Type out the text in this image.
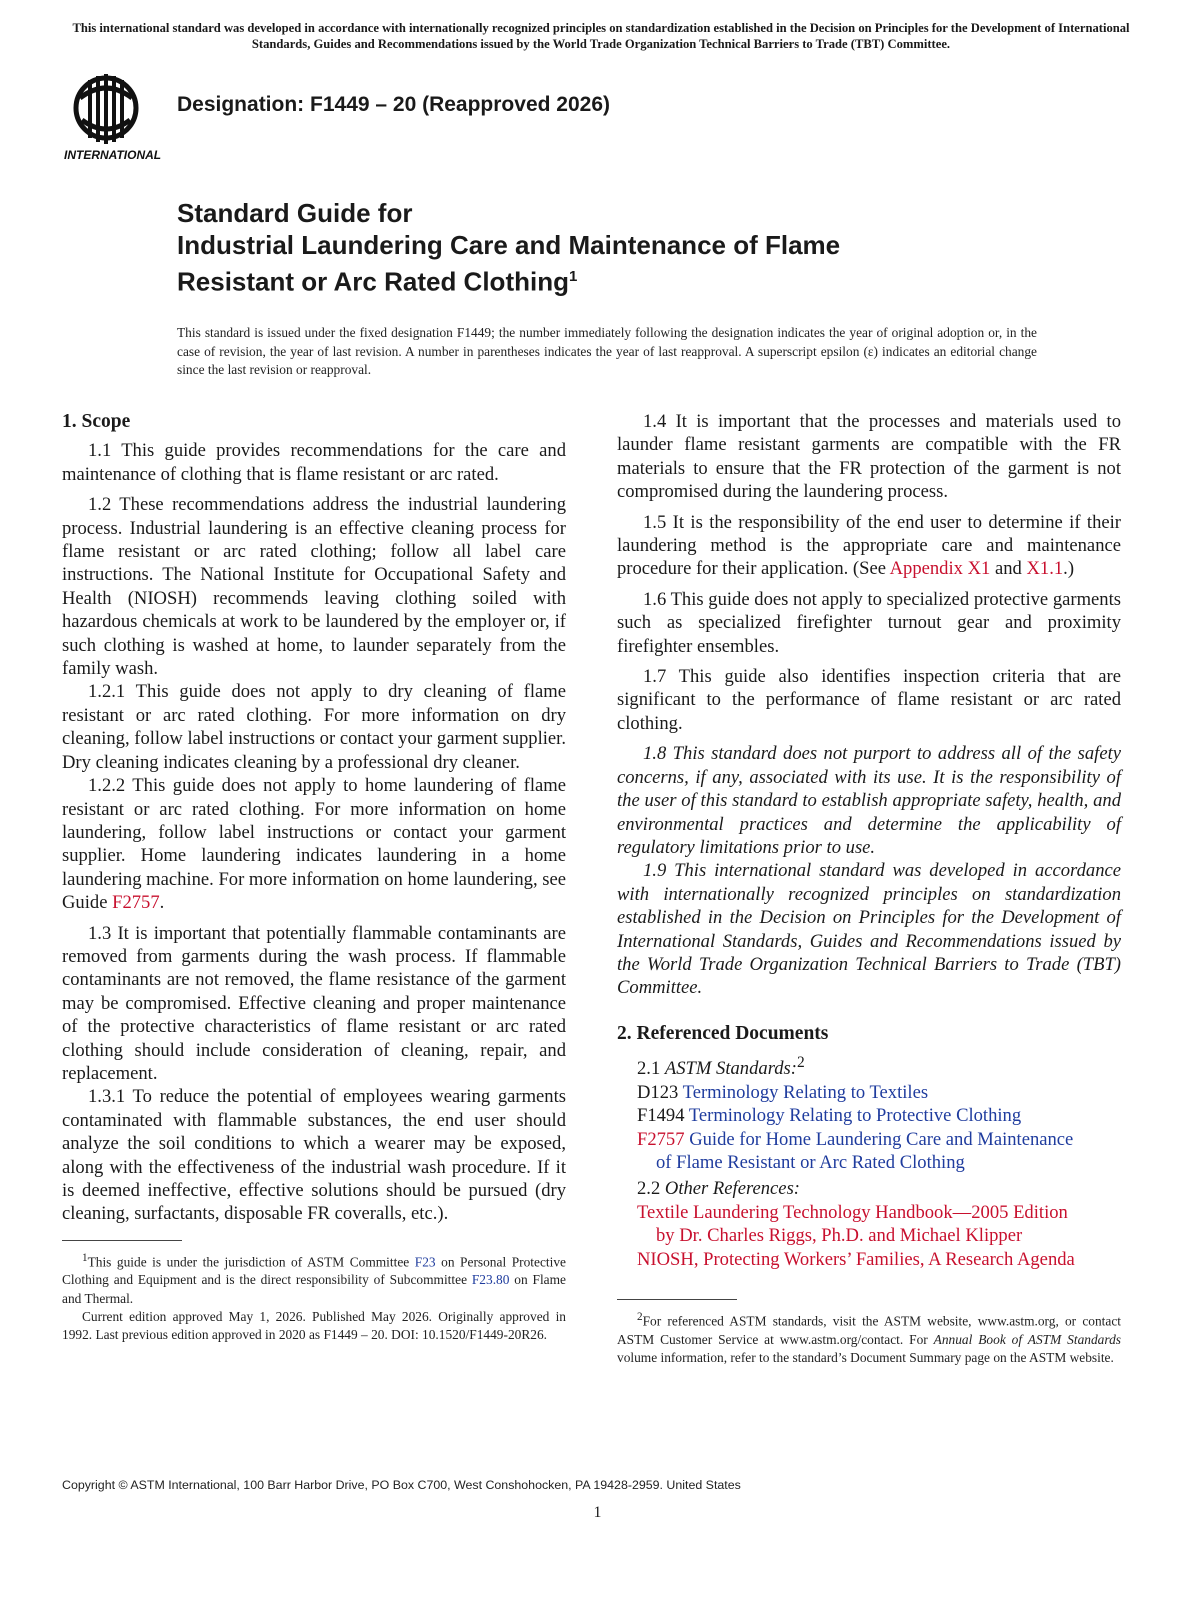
This international standard was developed in accordance with internationally recognized principles on standardization established in the Decision on Principles for the Development of International Standards, Guides and Recommendations issued by the World Trade Organization Technical Barriers to Trade (TBT) Committee.
INTERNATIONAL
Designation: F1449 – 20 (Reapproved 2026)
Standard Guide for
Industrial Laundering Care and Maintenance of Flame
Resistant or Arc Rated Clothing$^1$
This standard is issued under the fixed designation F1449; the number immediately following the designation indicates the year of original adoption or, in the case of revision, the year of last revision. A number in parentheses indicates the year of last reapproval. A superscript epsilon (ε) indicates an editorial change since the last revision or reapproval.
1. Scope

1.1 This guide provides recommendations for the care and maintenance of clothing that is flame resistant or arc rated.

1.2 These recommendations address the industrial laundering process. Industrial laundering is an effective cleaning process for flame resistant or arc rated clothing; follow all label care instructions. The National Institute for Occupational Safety and Health (NIOSH) recommends leaving clothing soiled with hazardous chemicals at work to be laundered by the employer or, if such clothing is washed at home, to launder separately from the family wash.

1.2.1 This guide does not apply to dry cleaning of flame resistant or arc rated clothing. For more information on dry cleaning, follow label instructions or contact your garment supplier. Dry cleaning indicates cleaning by a professional dry cleaner.

1.2.2 This guide does not apply to home laundering of flame resistant or arc rated clothing. For more information on home laundering, follow label instructions or contact your garment supplier. Home laundering indicates laundering in a home laundering machine. For more information on home laundering, see Guide F2757.

1.3 It is important that potentially flammable contaminants are removed from garments during the wash process. If flammable contaminants are not removed, the flame resistance of the garment may be compromised. Effective cleaning and proper maintenance of the protective characteristics of flame resistant or arc rated clothing should include consideration of cleaning, repair, and replacement.

1.3.1 To reduce the potential of employees wearing garments contaminated with flammable substances, the end user should analyze the soil conditions to which a wearer may be exposed, along with the effectiveness of the industrial wash procedure. If it is deemed ineffective, effective solutions should be pursued (dry cleaning, surfactants, disposable FR coveralls, etc.).

$^1$This guide is under the jurisdiction of ASTM Committee F23 on Personal Protective Clothing and Equipment and is the direct responsibility of Subcommittee F23.80 on Flame and Thermal.

Current edition approved May 1, 2026. Published May 2026. Originally approved in 1992. Last previous edition approved in 2020 as F1449 – 20. DOI: 10.1520/F1449-20R26.

1.4 It is important that the processes and materials used to launder flame resistant garments are compatible with the FR materials to ensure that the FR protection of the garment is not compromised during the laundering process.

1.5 It is the responsibility of the end user to determine if their laundering method is the appropriate care and maintenance procedure for their application. (See Appendix X1 and X1.1.)

1.6 This guide does not apply to specialized protective garments such as specialized firefighter turnout gear and proximity firefighter ensembles.

1.7 This guide also identifies inspection criteria that are significant to the performance of flame resistant or arc rated clothing.

1.8 This standard does not purport to address all of the safety concerns, if any, associated with its use. It is the responsibility of the user of this standard to establish appropriate safety, health, and environmental practices and determine the applicability of regulatory limitations prior to use.

1.9 This international standard was developed in accordance with internationally recognized principles on standardization established in the Decision on Principles for the Development of International Standards, Guides and Recommendations issued by the World Trade Organization Technical Barriers to Trade (TBT) Committee.

2. Referenced Documents
2.1 ASTM Standards:$^2$
D123 Terminology Relating to Textiles
F1494 Terminology Relating to Protective Clothing
F2757 Guide for Home Laundering Care and Maintenance
of Flame Resistant or Arc Rated Clothing
2.2 Other References:
Textile Laundering Technology Handbook—2005 Edition
by Dr. Charles Riggs, Ph.D. and Michael Klipper
NIOSH, Protecting Workers’ Families, A Research Agenda

$^2$For referenced ASTM standards, visit the ASTM website, www.astm.org, or contact ASTM Customer Service at www.astm.org/contact. For Annual Book of ASTM Standards volume information, refer to the standard’s Document Summary page on the ASTM website.

Copyright © ASTM International, 100 Barr Harbor Drive, PO Box C700, West Conshohocken, PA 19428-2959. United States
1
